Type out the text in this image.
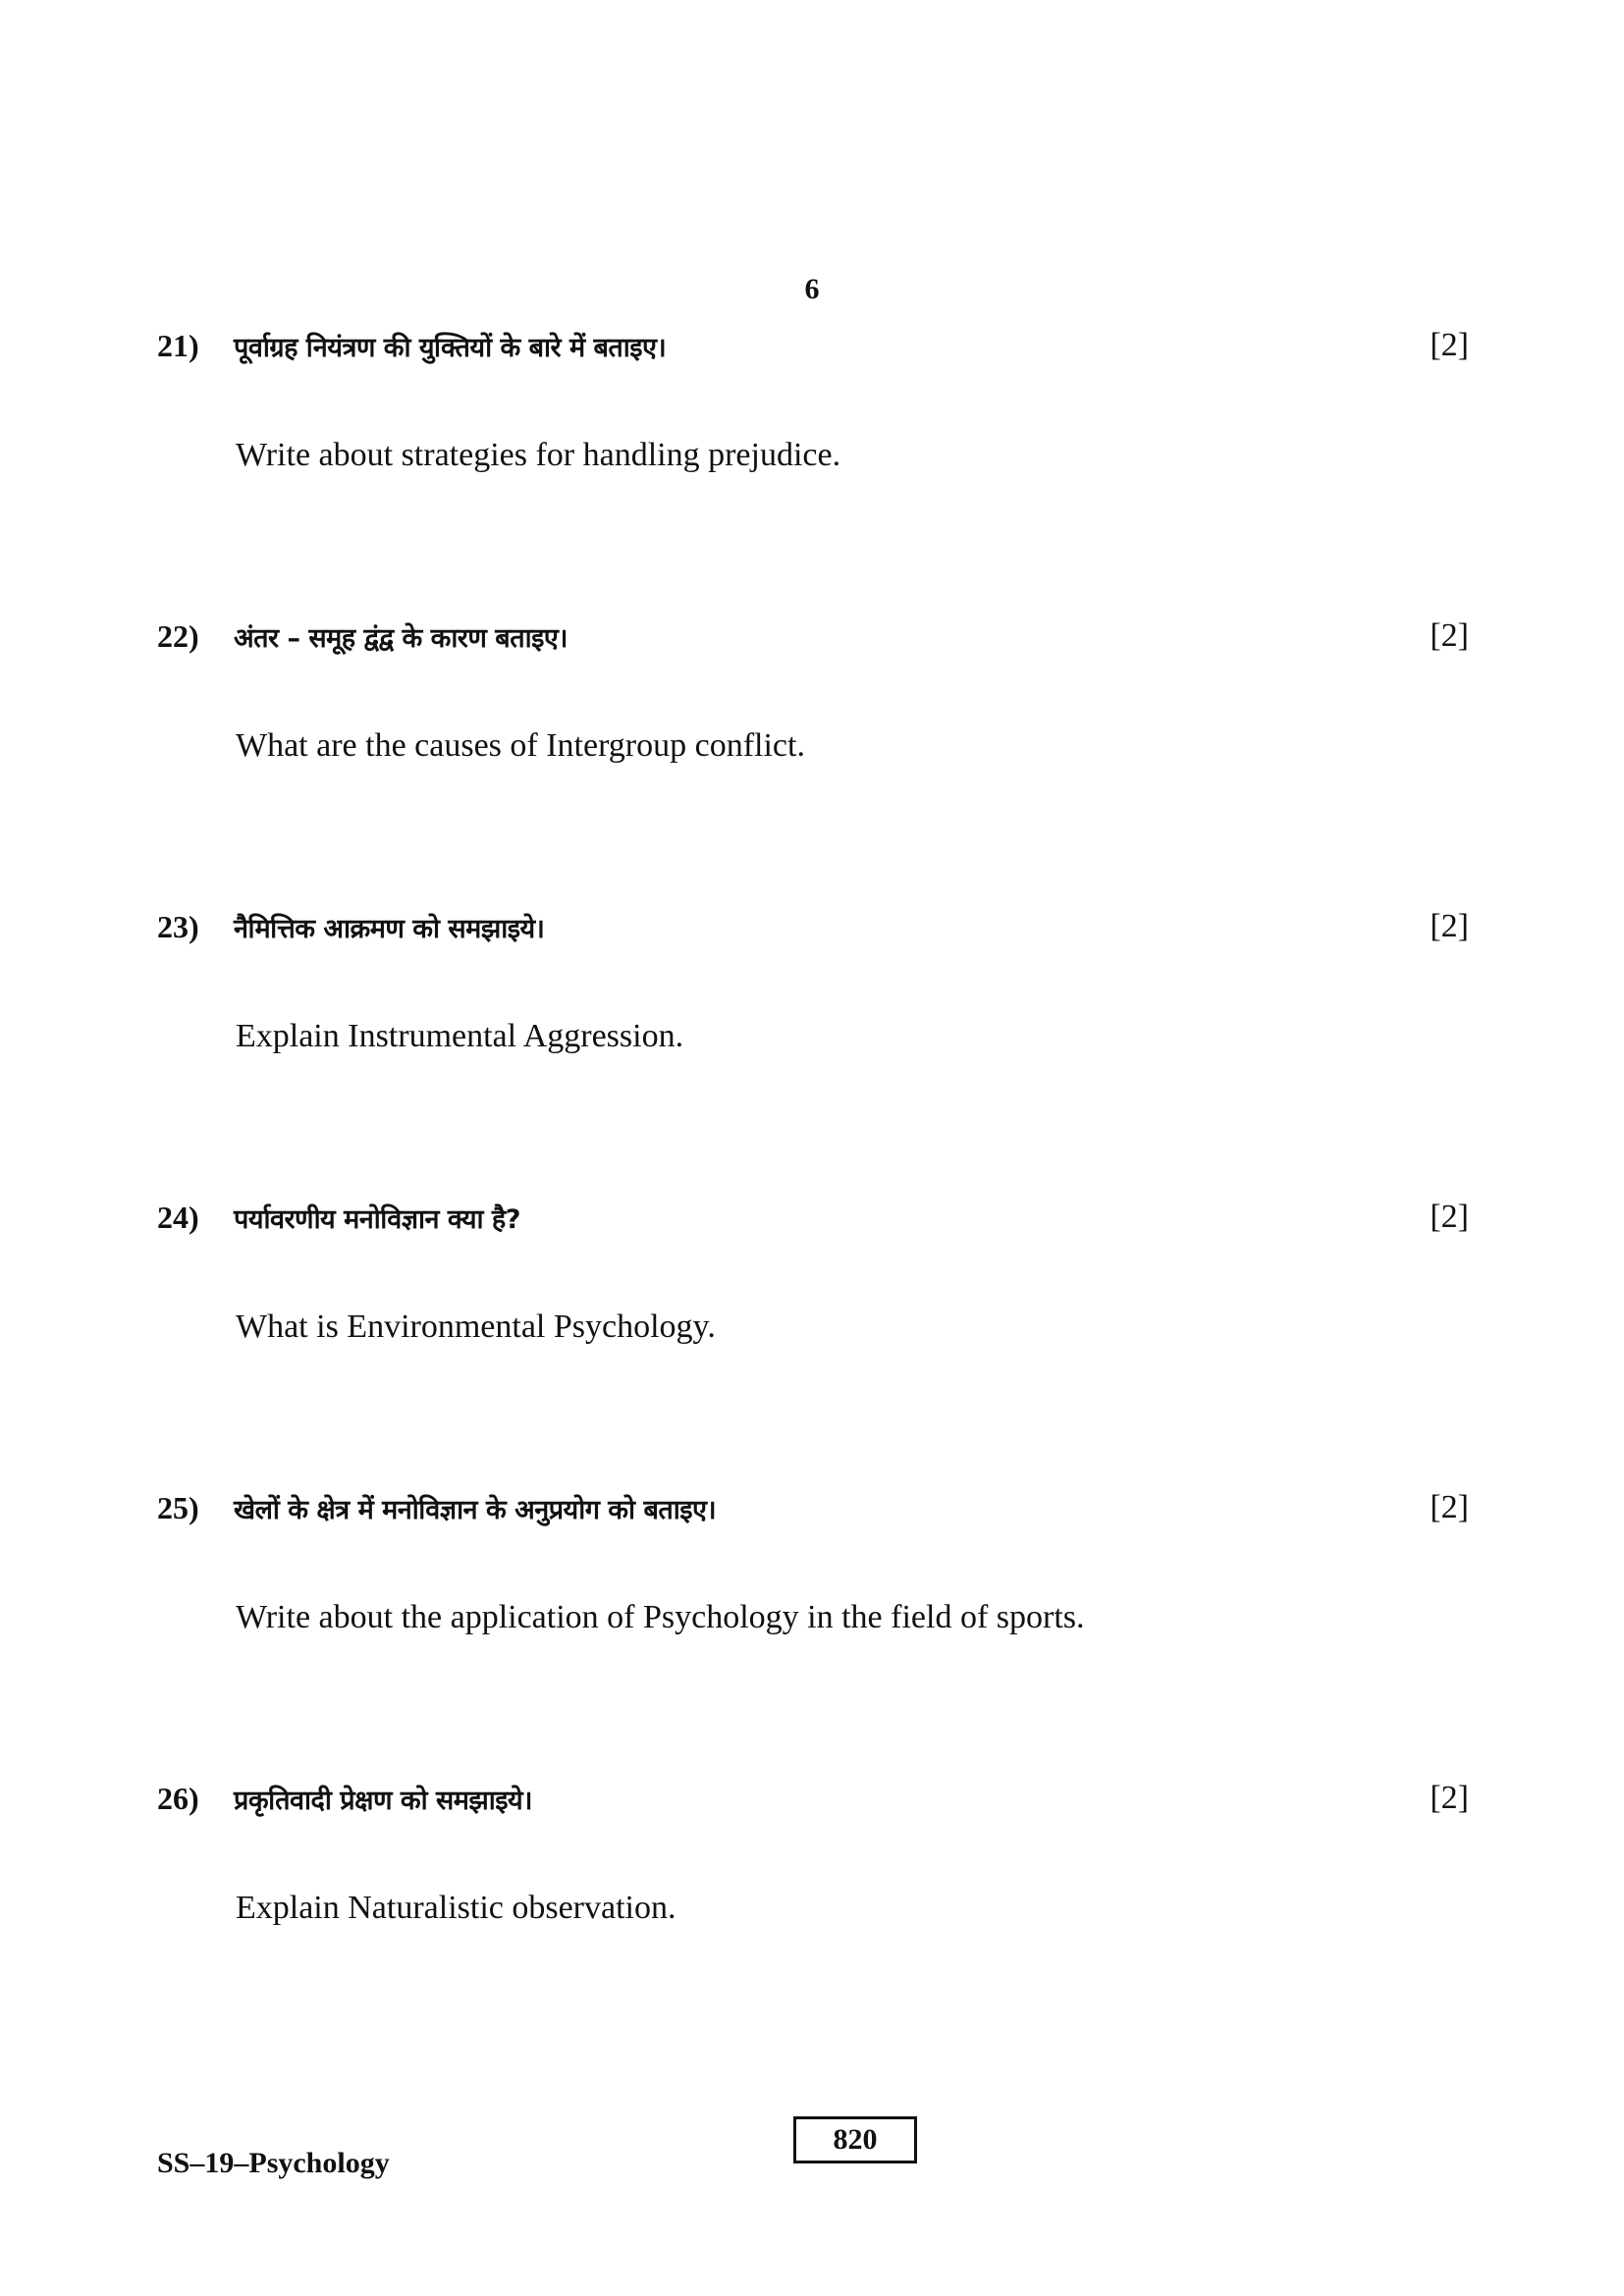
6
21)	पूर्वाग्रह नियंत्रण की युक्तियों के बारे में बताइए।	[2]
Write about strategies for handling prejudice.
22)	अंतर – समूह द्वंद्व के कारण बताइए।	[2]
What are the causes of Intergroup conflict.
23)	नैमित्तिक आक्रमण को समझाइये।	[2]
Explain Instrumental Aggression.
24)	पर्यावरणीय मनोविज्ञान क्या है?	[2]
What is Environmental Psychology.
25)	खेलों के क्षेत्र में मनोविज्ञान के अनुप्रयोग को बताइए।	[2]
Write about the application of Psychology in the field of sports.
26)	प्रकृतिवादी प्रेक्षण को समझाइये।	[2]
Explain Naturalistic observation.
SS–19–Psychology
820
